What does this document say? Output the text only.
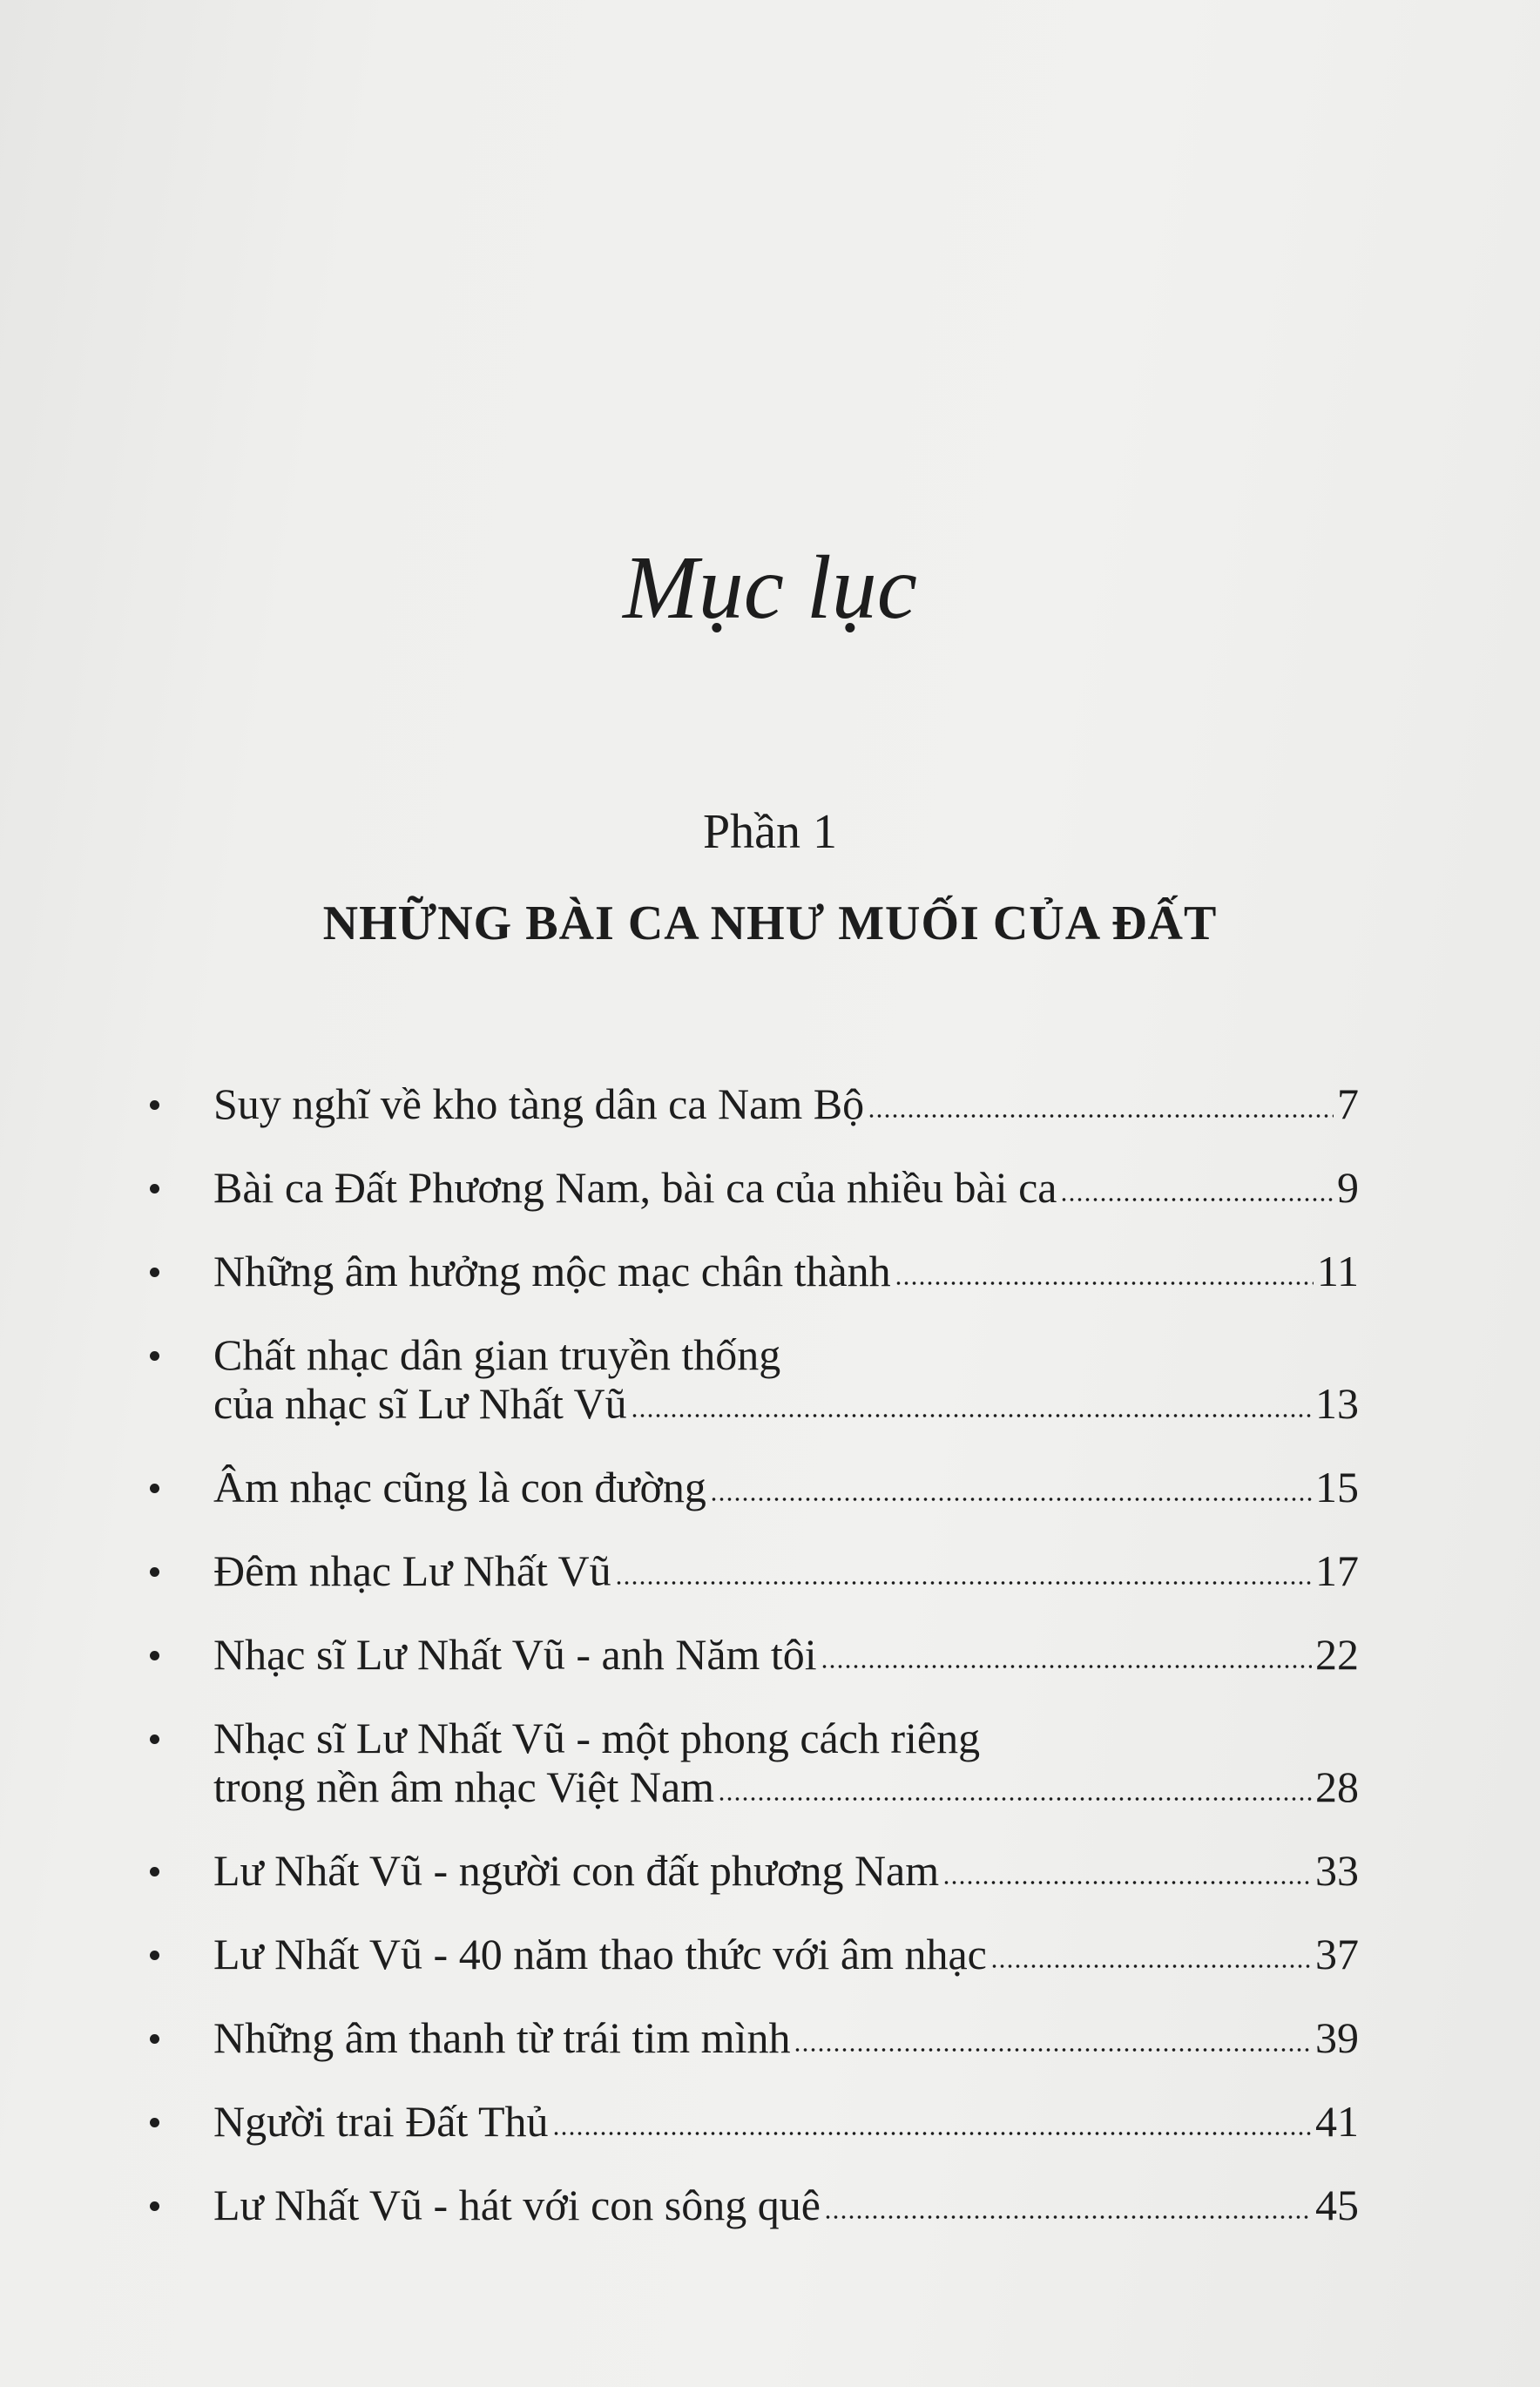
Mục lục
Phần 1
NHỮNG BÀI CA NHƯ MUỐI CỦA ĐẤT
Suy nghĩ về kho tàng dân ca Nam Bộ	7
Bài ca Đất Phương Nam, bài ca của nhiều bài ca	9
Những âm hưởng mộc mạc chân thành	11
Chất nhạc dân gian truyền thống
của nhạc sĩ Lư Nhất Vũ	13
Âm nhạc cũng là con đường	15
Đêm nhạc Lư Nhất Vũ	17
Nhạc sĩ Lư Nhất Vũ - anh Năm tôi	22
Nhạc sĩ Lư Nhất Vũ - một phong cách riêng
trong nền âm nhạc Việt Nam	28
Lư Nhất Vũ - người con đất phương Nam	33
Lư Nhất Vũ - 40 năm thao thức với âm nhạc	37
Những âm thanh từ trái tim mình	39
Người trai Đất Thủ	41
Lư Nhất Vũ - hát với con sông quê	45
